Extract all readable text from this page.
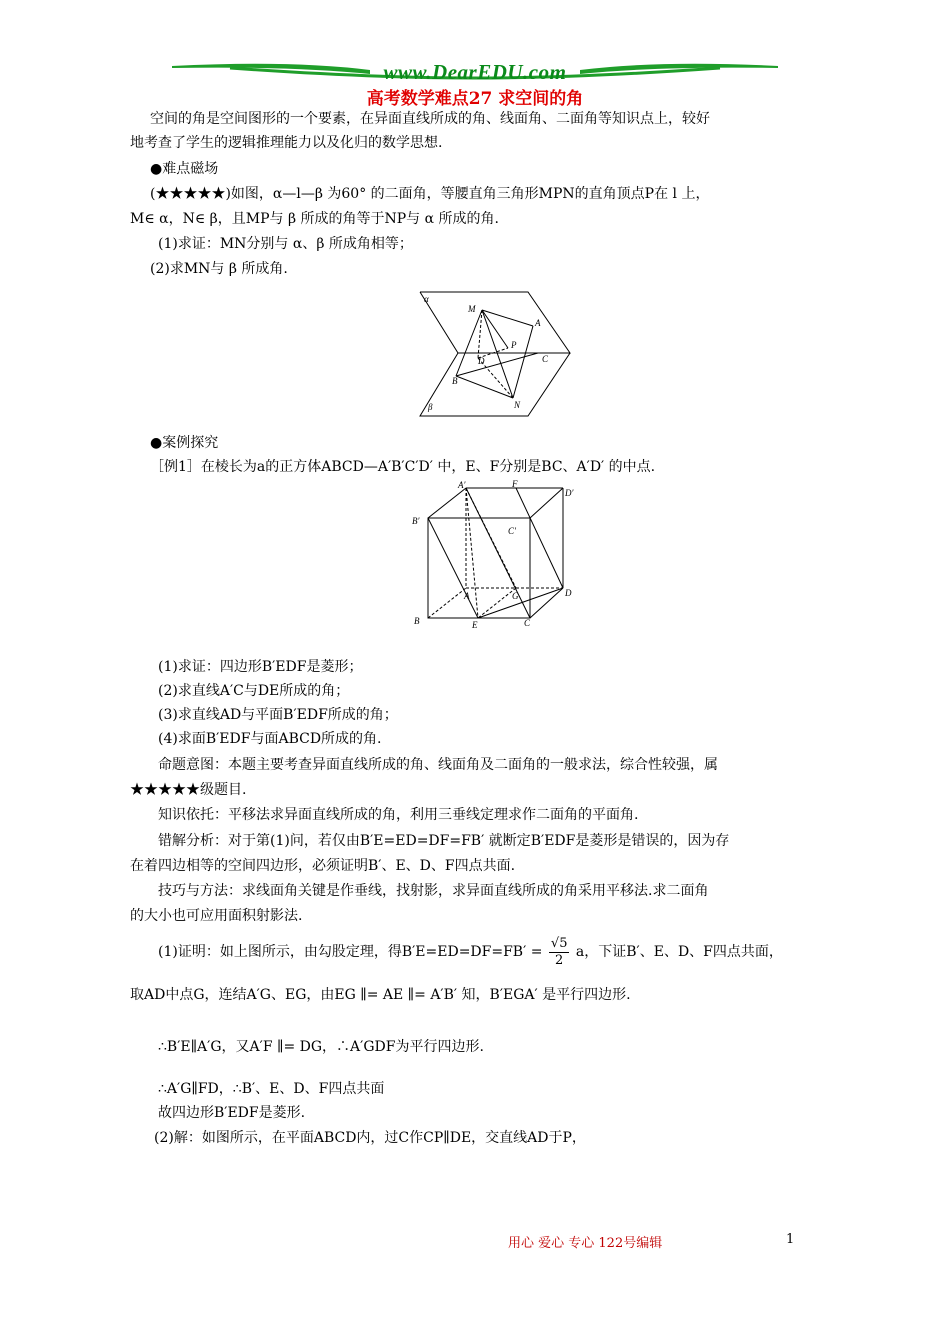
www.DearEDU.com
高考数学难点27 求空间的角
空间的角是空间图形的一个要素，在异面直线所成的角、线面角、二面角等知识点上，较好
地考查了学生的逻辑推理能力以及化归的数学思想.
●难点磁场
(★★★★★)如图，α—l—β 为60° 的二面角，等腰直角三角形MPN的直角顶点P在 l 上，
M∈ α，N∈ β，且MP与 β 所成的角等于NP与 α 所成的角.
(1)求证：MN分别与 α、β 所成角相等；
(2)求MN与 β 所成角.
α
M
A
P
D	C
B
N
β
●案例探究
［例1］在棱长为a的正方体ABCD—A′B′C′D′ 中，E、F分别是BC、A′D′ 的中点.
A′	F
D′
B′
C′
A	G	D
B	E	C
(1)求证：四边形B′EDF是菱形；
(2)求直线A′C与DE所成的角；
(3)求直线AD与平面B′EDF所成的角；
(4)求面B′EDF与面ABCD所成的角.
命题意图：本题主要考查异面直线所成的角、线面角及二面角的一般求法，综合性较强，属
★★★★★级题目.
知识依托：平移法求异面直线所成的角，利用三垂线定理求作二面角的平面角.
错解分析：对于第(1)问，若仅由B′E=ED=DF=FB′ 就断定B′EDF是菱形是错误的，因为存
在着四边相等的空间四边形，必须证明B′、E、D、F四点共面.
技巧与方法：求线面角关键是作垂线，找射影，求异面直线所成的角采用平移法.求二面角
的大小也可应用面积射影法.
(1)证明：如上图所示，由勾股定理，得$B'E=ED=DF=FB' = \frac{√5}{2}$ a，下证B′、E、D、F四点共面，
取AD中点G，连结A′G、EG，由EG ∥= AE ∥= A′B′ 知，B′EGA′ 是平行四边形.
∴B′E∥A′G，又A′F ∥= DG，∴A′GDF为平行四边形.
∴A′G∥FD，∴B′、E、D、F四点共面
故四边形B′EDF是菱形.
(2)解：如图所示，在平面ABCD内，过C作CP∥DE，交直线AD于P，
用心 爱心 专心 122号编辑	1
